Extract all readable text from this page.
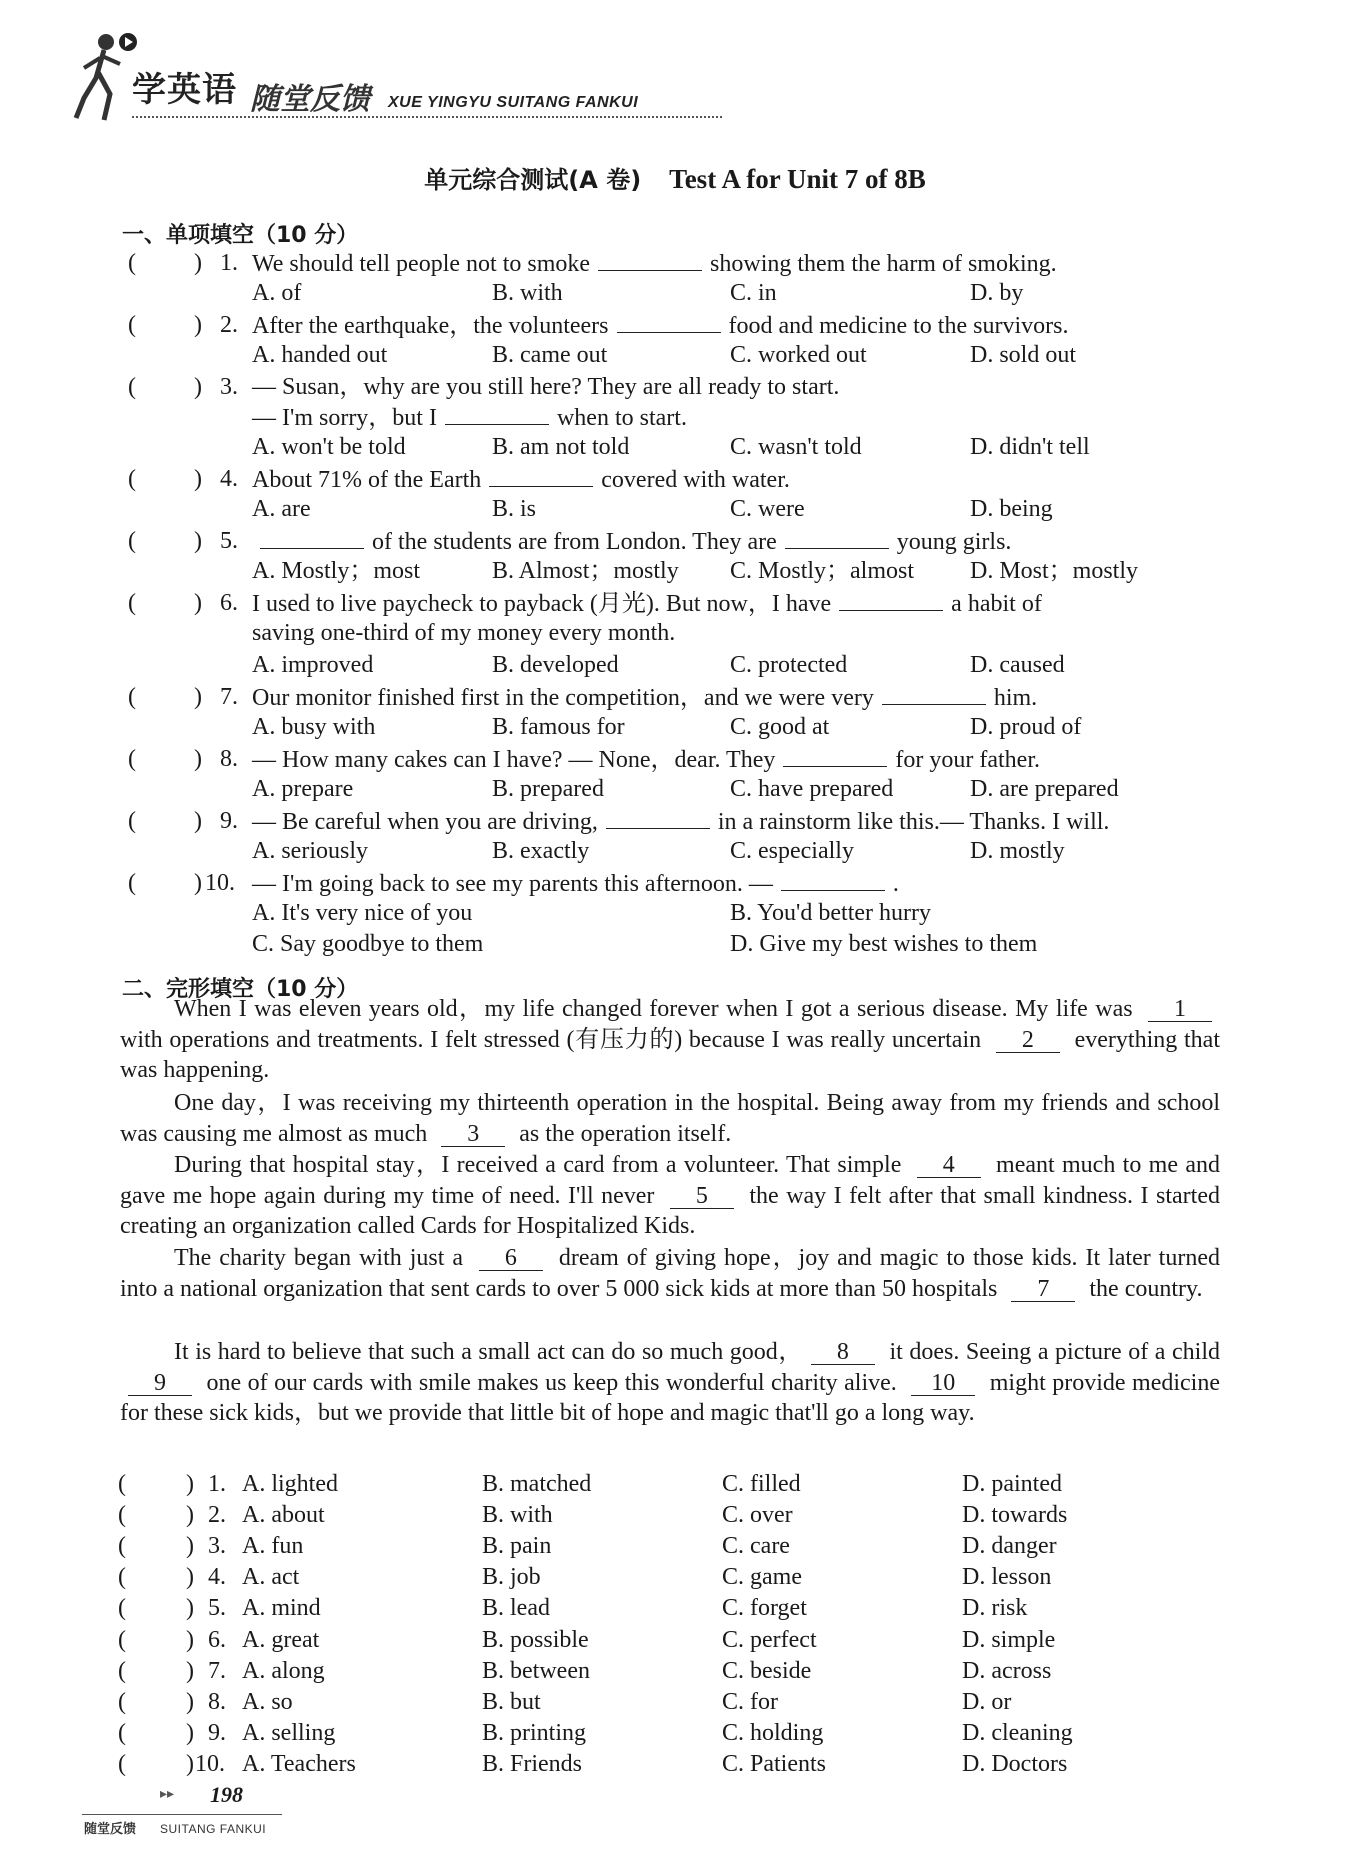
学英语 随堂反馈 XUE YINGYU SUITANG FANKUI
单元综合测试(A 卷) Test A for Unit 7 of 8B
一、单项填空（10 分）
( ) 1. We should tell people not to smoke	showing them the harm of smoking.
A. of	B. with	C. in	D. by
( ) 2. After the earthquake，the volunteers	food and medicine to the survivors.
A. handed out	B. came out	C. worked out	D. sold out
( ) 3. — Susan，why are you still here? They are all ready to start.
— I'm sorry，but I	when to start.
A. won't be told	B. am not told	C. wasn't told	D. didn't tell
( ) 4. About 71% of the Earth	covered with water.
A. are	B. is	C. were	D. being
( ) 5.	of the students are from London. They are	young girls.
A. Mostly；most	B. Almost；mostly C. Mostly；almost D. Most；mostly
( ) 6. I used to live paycheck to payback (月光). But now，I have	a habit of
saving one-third of my money every month.
A. improved	B. developed	C. protected	D. caused
( ) 7. Our monitor finished first in the competition，and we were very	him.
A. busy with	B. famous for	C. good at	D. proud of
( ) 8. — How many cakes can I have? — None，dear. They	for your father.
A. prepare	B. prepared	C. have prepared	D. are prepared
( ) 9. — Be careful when you are driving,	in a rainstorm like this.— Thanks. I will.
A. seriously	B. exactly	C. especially	D. mostly
( ) 10. — I'm going back to see my parents this afternoon. —	.
A. It's very nice of you	B. You'd better hurry
C. Say goodbye to them	D. Give my best wishes to them
二、完形填空（10 分）
When I was eleven years old，my life changed forever when I got a serious disease. My life was 1 with operations and treatments. I felt stressed (有压力的) because I was really uncertain 2 everything that was happening.
One day，I was receiving my thirteenth operation in the hospital. Being away from my friends and school was causing me almost as much 3 as the operation itself.
During that hospital stay，I received a card from a volunteer. That simple 4 meant much to me and gave me hope again during my time of need. I'll never 5 the way I felt after that small kindness. I started creating an organization called Cards for Hospitalized Kids.
The charity began with just a 6 dream of giving hope，joy and magic to those kids. It later turned into a national organization that sent cards to over 5 000 sick kids at more than 50 hospitals 7 the country.
It is hard to believe that such a small act can do so much good， 8 it does. Seeing a picture of a child 9 one of our cards with smile makes us keep this wonderful charity alive. 10 might provide medicine for these sick kids，but we provide that little bit of hope and magic that'll go a long way.
(	) 1. A. lighted	B. matched	C. filled	D. painted
(	) 2. A. about	B. with	C. over	D. towards
(	) 3. A. fun	B. pain	C. care	D. danger
(	) 4. A. act	B. job	C. game	D. lesson
(	) 5. A. mind	B. lead	C. forget	D. risk
(	) 6. A. great	B. possible	C. perfect	D. simple
(	) 7. A. along	B. between	C. beside	D. across
(	) 8. A. so	B. but	C. for	D. or
(	) 9. A. selling	B. printing	C. holding	D. cleaning
(	) 10. A. Teachers	B. Friends	C. Patients	D. Doctors
▸▸ 198
随堂反馈 SUITANG FANKUI
